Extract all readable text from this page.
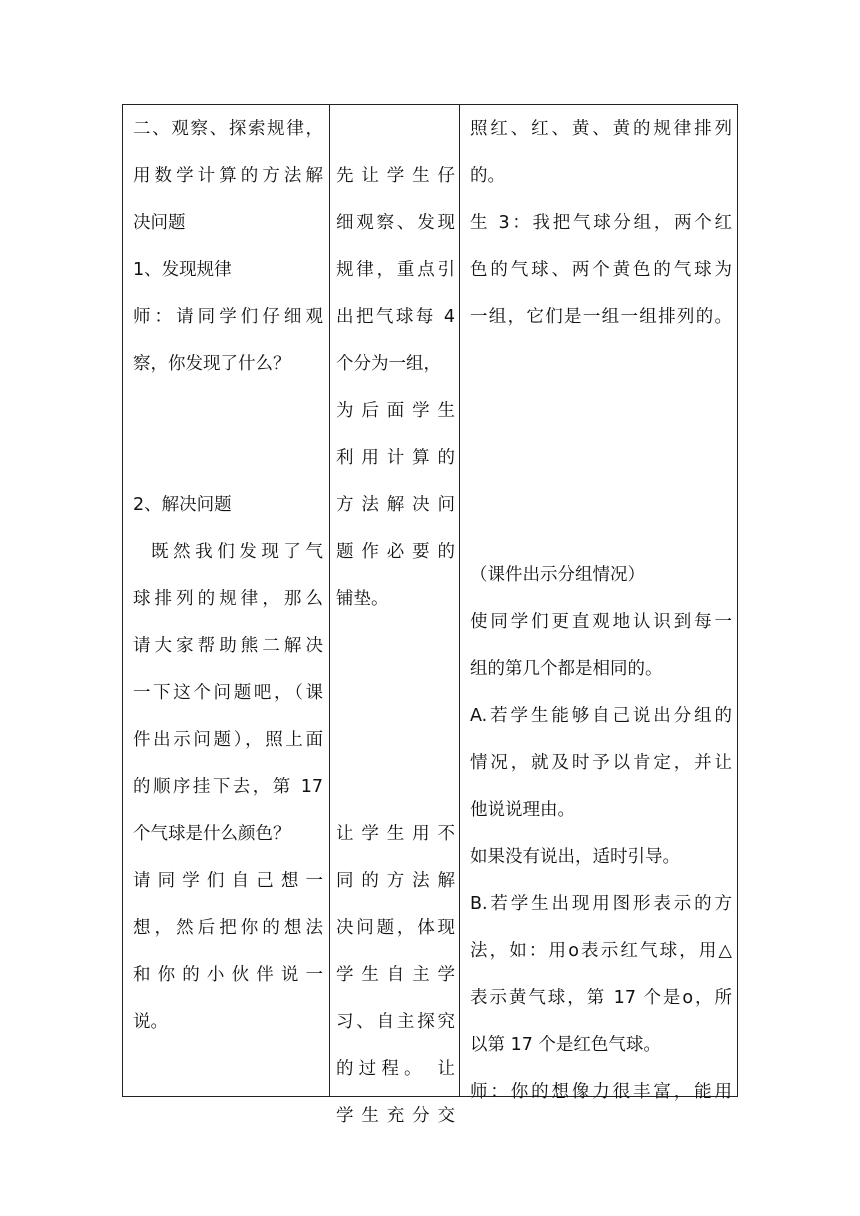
二、观察、探索规律，
用数学计算的方法解
决问题
1、发现规律
师：请同学们仔细观
察，你发现了什么？
2、解决问题
既然我们发现了气
球排列的规律，那么
请大家帮助熊二解决
一下这个问题吧，（课
件出示问题），照上面
的顺序挂下去，第 17
个气球是什么颜色？
请同学们自己想一
想，然后把你的想法
和你的小伙伴说一
说。
先让学生仔
细观察、发现
规律，重点引
出把气球每 4
个分为一组，
为后面学生
利用计算的
方法解决问
题作必要的
铺垫。
让学生用不
同的方法解
决问题，体现
学生自主学
习、自主探究
的过程。 让
学生充分交
照红、红、黄、黄的规律排列
的。
生 3：我把气球分组，两个红
色的气球、两个黄色的气球为
一组，它们是一组一组排列的。
（课件出示分组情况）
使同学们更直观地认识到每一
组的第几个都是相同的。
A.若学生能够自己说出分组的
情况，就及时予以肯定，并让
他说说理由。
如果没有说出，适时引导。
B.若学生出现用图形表示的方
法，如：用o表示红气球，用△
表示黄气球，第 17 个是o，所
以第 17 个是红色气球。
师：你的想像力很丰富，能用
